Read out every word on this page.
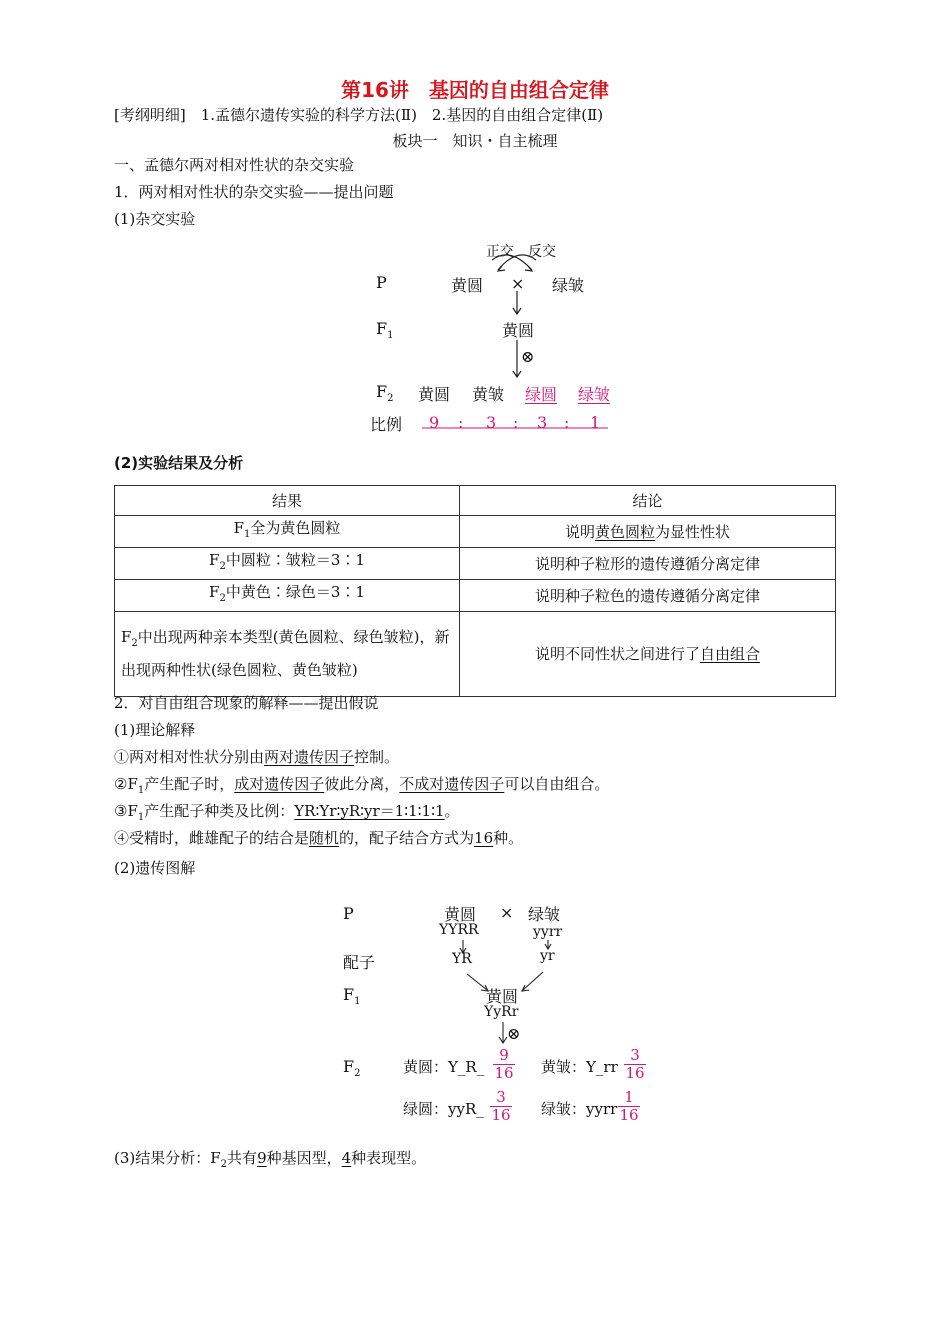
第16讲　基因的自由组合定律
[考纲明细]　1.孟德尔遗传实验的科学方法(Ⅱ)　2.基因的自由组合定律(Ⅱ)
板块一　知识・自主梳理
一、孟德尔两对相对性状的杂交实验
1．两对相对性状的杂交实验——提出问题
(1)杂交实验
正交　反交
P	黄圆 × 绿皱
$F_1$	黄圆
⊗
$F_2$ 黄圆 黄皱 绿圆 绿皱
比例 9 : 3 : 3 : 1
(2)实验结果及分析
结果	结论
$F_1$全为黄色圆粒	说明黄色圆粒为显性性状
$F_2$中圆粒∶皱粒＝3∶1	说明种子粒形的遗传遵循分离定律
$F_2$中黄色∶绿色＝3∶1	说明种子粒色的遗传遵循分离定律
$F_2$中出现两种亲本类型(黄色圆粒、绿色皱粒)，新出现两种性状(绿色圆粒、黄色皱粒)	说明不同性状之间进行了自由组合
2．对自由组合现象的解释——提出假说
(1)理论解释
①两对相对性状分别由两对遗传因子控制。
$②F_1$产生配子时，成对遗传因子彼此分离，不成对遗传因子可以自由组合。
$③F_1$产生配子种类及比例：YR∶Yr∶yR∶yr＝1∶1∶1∶1。
④受精时，雌雄配子的结合是随机的，配子结合方式为16种。
(2)遗传图解
P	黄圆 × 绿皱
YYRR	yyrr
配子	YR	yr
$F_1$	黄圆
YyRr
⊗
$F_2$	黄圆：Y_R_ $\frac{9}{16}$ 黄皱：Y_rr $\frac{3}{16}$
绿圆：yyR_ $\frac{3}{16}$ 绿皱：yyrr $\frac{1}{16}$
(3)结果分析：$F_2$共有9种基因型，4种表现型。
